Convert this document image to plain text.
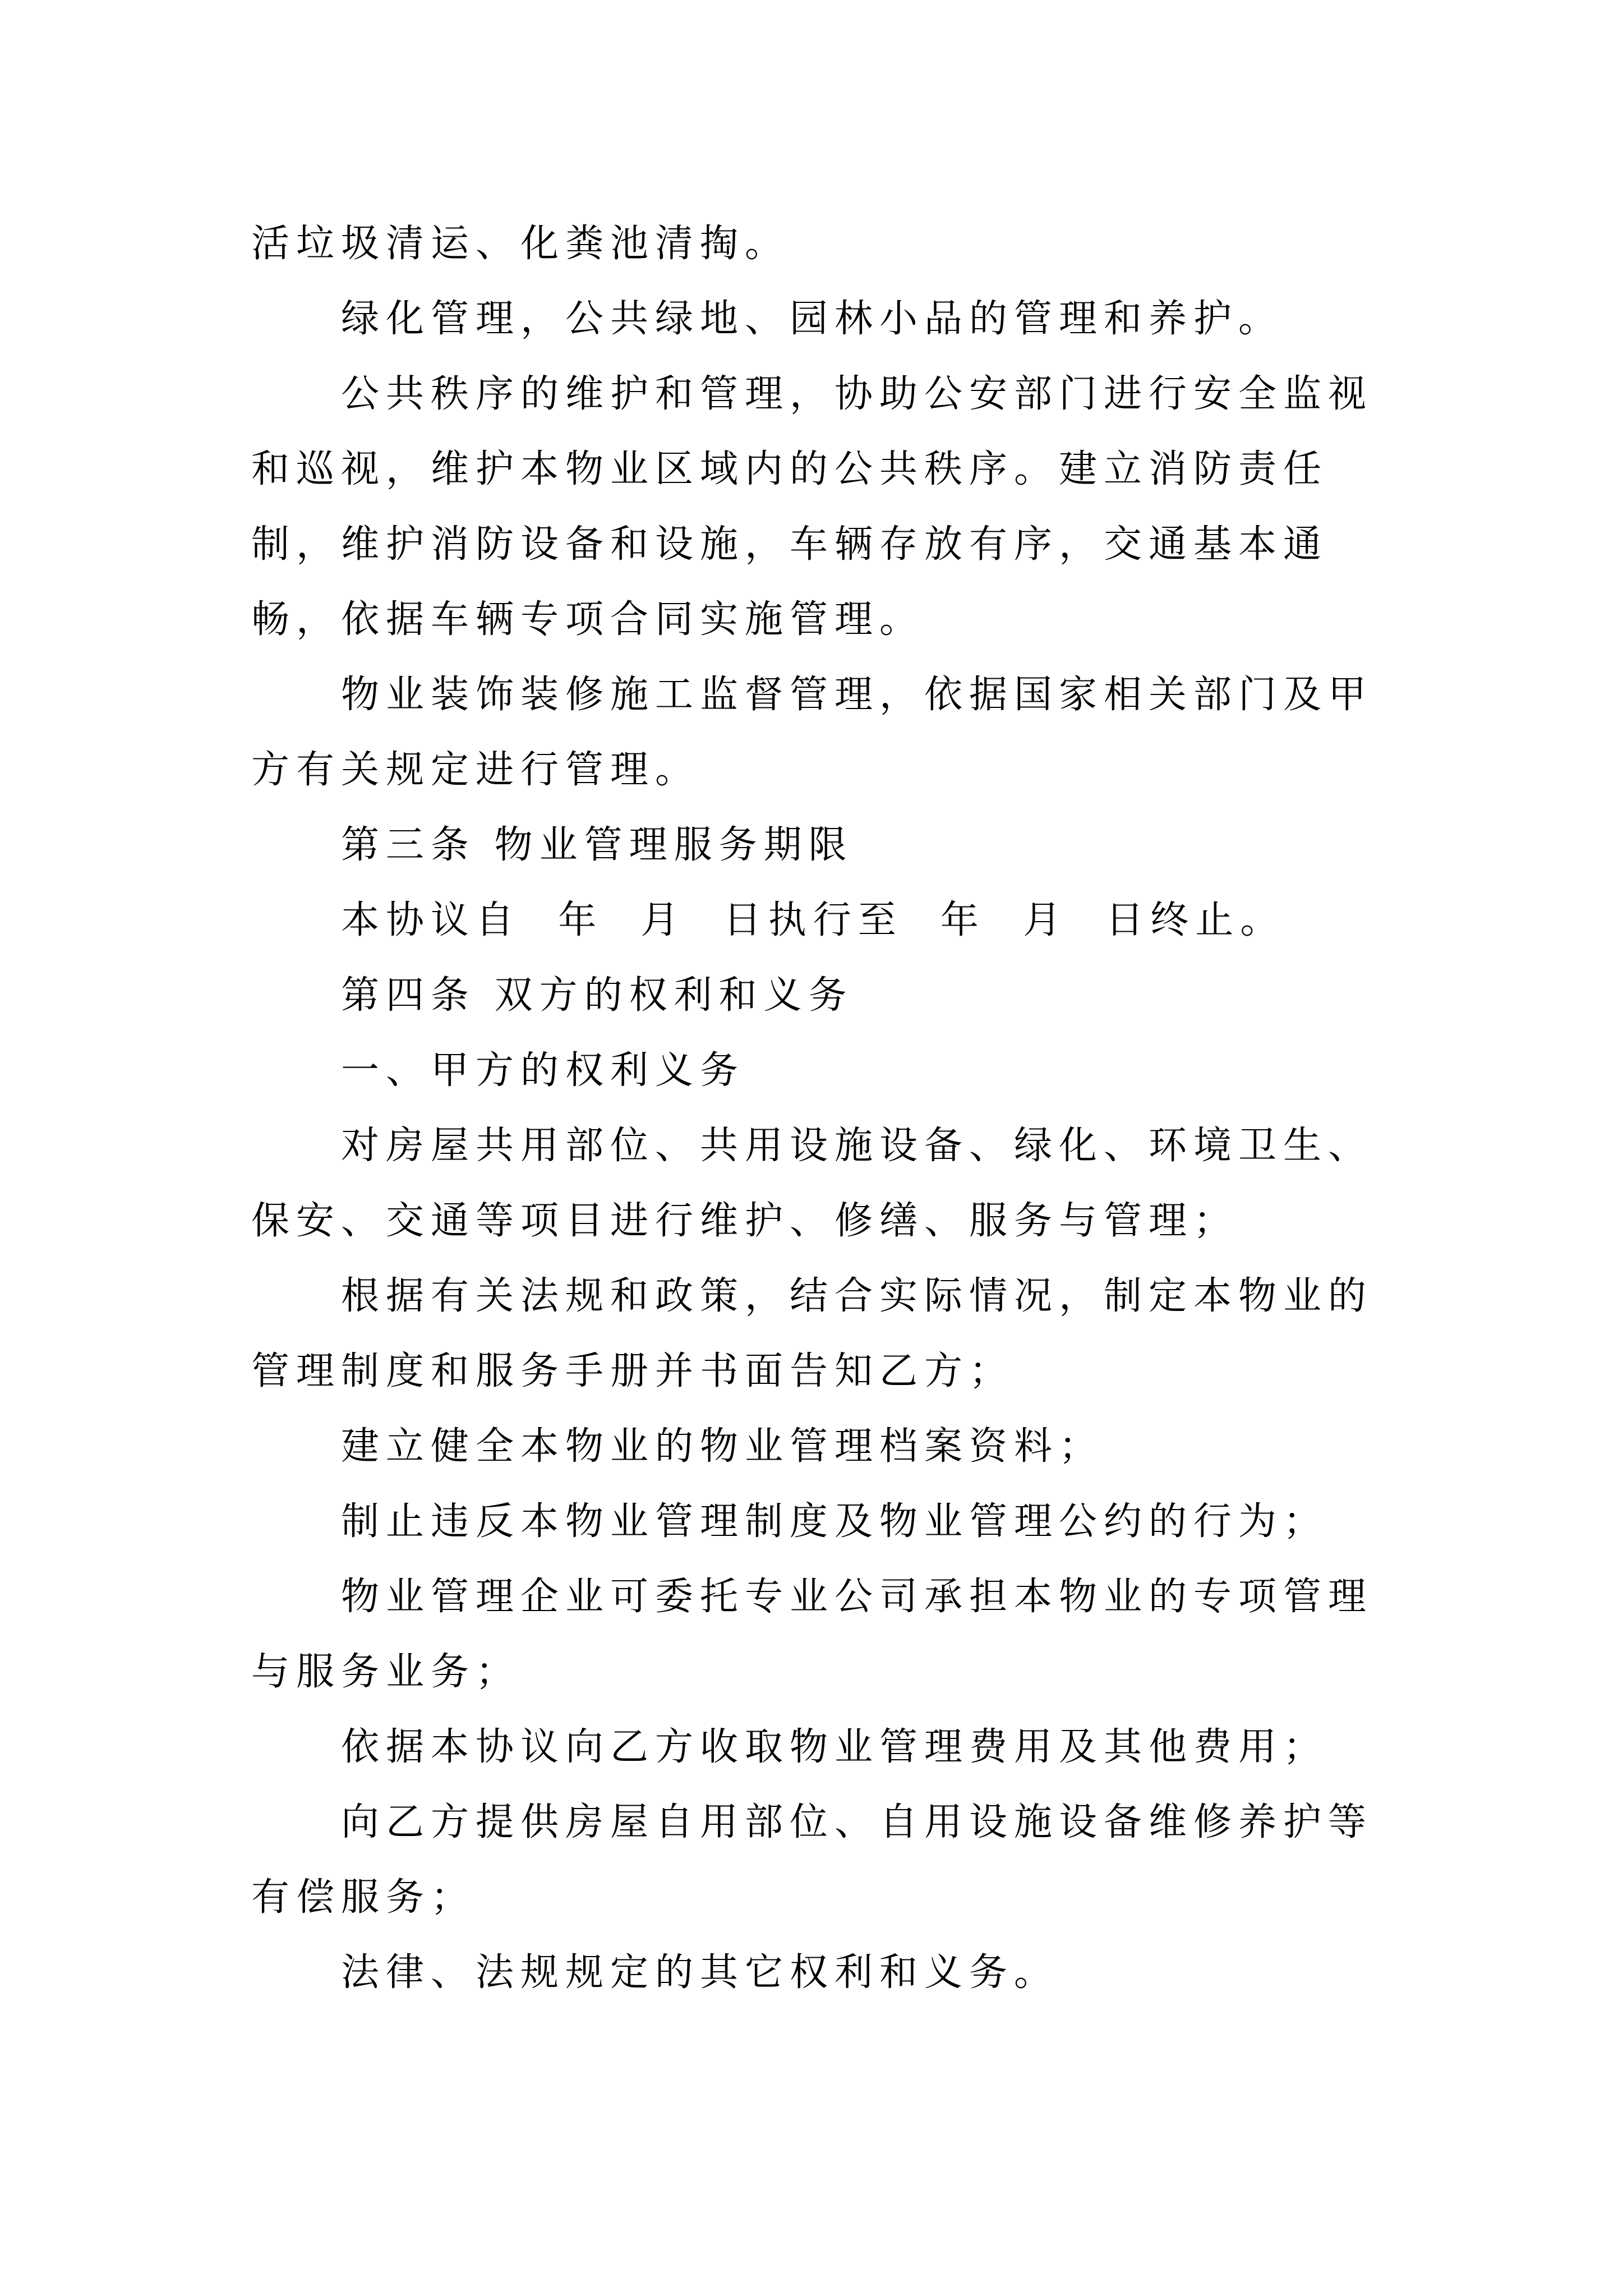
活垃圾清运、化粪池清掏。

绿化管理，公共绿地、园林小品的管理和养护。

公共秩序的维护和管理，协助公安部门进行安全监视和巡视，维护本物业区域内的公共秩序。建立消防责任制，维护消防设备和设施，车辆存放有序，交通基本通畅，依据车辆专项合同实施管理。

物业装饰装修施工监督管理，依据国家相关部门及甲方有关规定进行管理。

第三条 物业管理服务期限

本协议自  年  月  日执行至  年  月  日终止。

第四条 双方的权利和义务

一、甲方的权利义务

对房屋共用部位、共用设施设备、绿化、环境卫生、保安、交通等项目进行维护、修缮、服务与管理；

根据有关法规和政策，结合实际情况，制定本物业的管理制度和服务手册并书面告知乙方；

建立健全本物业的物业管理档案资料；

制止违反本物业管理制度及物业管理公约的行为；

物业管理企业可委托专业公司承担本物业的专项管理与服务业务；

依据本协议向乙方收取物业管理费用及其他费用；

向乙方提供房屋自用部位、自用设施设备维修养护等有偿服务；

法律、法规规定的其它权利和义务。
